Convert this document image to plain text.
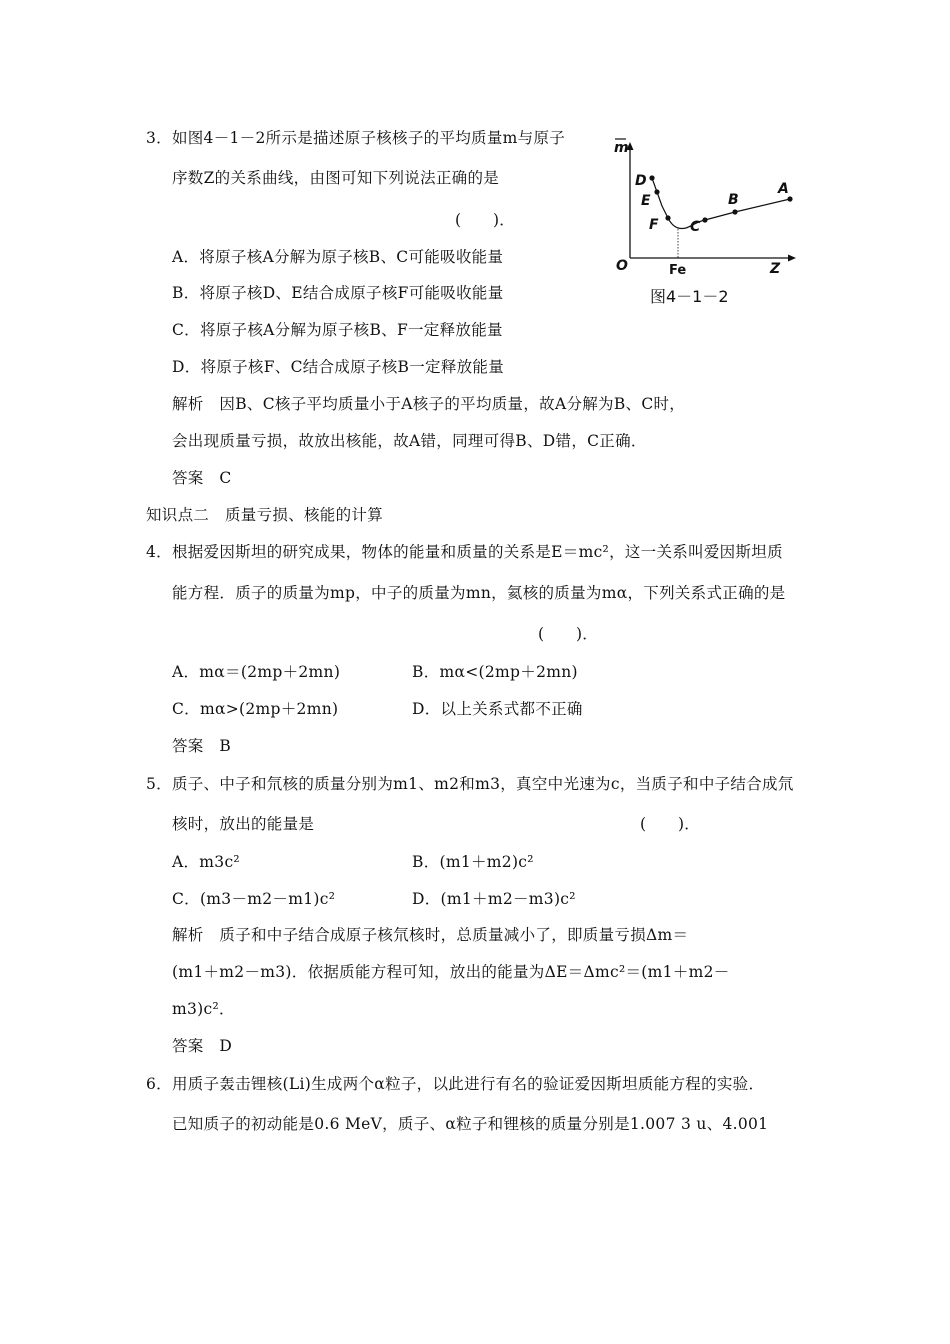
3．如图4－1－2所示是描述原子核核子的平均质量m与原子
序数Z的关系曲线，由图可知下列说法正确的是
(　　)．
A．将原子核A分解为原子核B、C可能吸收能量
B．将原子核D、E结合成原子核F可能吸收能量
C．将原子核A分解为原子核B、F一定释放能量
D．将原子核F、C结合成原子核B一定释放能量
解析　因B、C核子平均质量小于A核子的平均质量，故A分解为B、C时，
会出现质量亏损，故放出核能，故A错，同理可得B、D错，C正确．
答案　C
m
D
E
F C
B
A
O	Fe	Z
图4－1－2
知识点二　质量亏损、核能的计算
4．根据爱因斯坦的研究成果，物体的能量和质量的关系是E＝mc²，这一关系叫爱因斯坦质
能方程．质子的质量为mp，中子的质量为mn，氦核的质量为mα，下列关系式正确的是
(　　)．
A．mα＝(2mp＋2mn)	B．mα<(2mp＋2mn)
C．mα>(2mp＋2mn)	D．以上关系式都不正确
答案　B
5．质子、中子和氘核的质量分别为m1、m2和m3，真空中光速为c，当质子和中子结合成氘
核时，放出的能量是	(　　)．
A．m3c²	B．(m1＋m2)c²
C．(m3－m2－m1)c²	D．(m1＋m2－m3)c²
解析　质子和中子结合成原子核氘核时，总质量减小了，即质量亏损Δm＝
(m1＋m2－m3)．依据质能方程可知，放出的能量为ΔE＝Δmc²＝(m1＋m2－
m3)c²．
答案　D
6．用质子轰击锂核(Li)生成两个α粒子，以此进行有名的验证爱因斯坦质能方程的实验．
已知质子的初动能是0.6 MeV，质子、α粒子和锂核的质量分别是1.007 3 u、4.001
